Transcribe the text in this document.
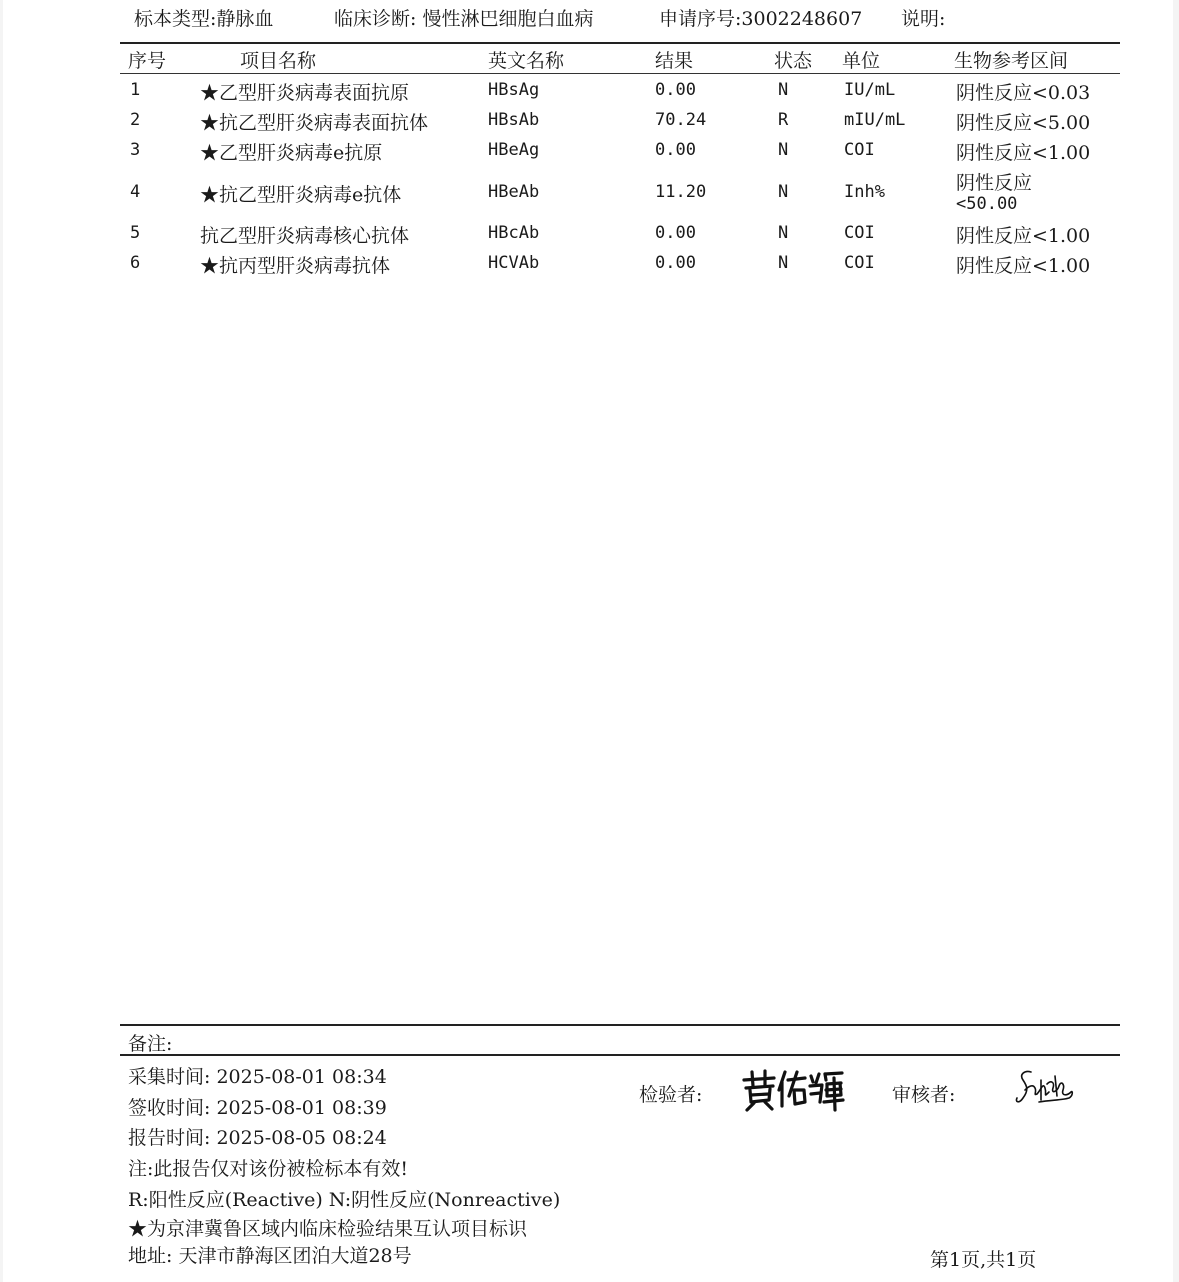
标本类型:静脉血	临床诊断: 慢性淋巴细胞白血病	申请序号:3002248607 说明:
序号	项目名称	英文名称	结果	状态 单位	生物参考区间
1	★乙型肝炎病毒表面抗原	HBsAg	0.00	N	IU/mL	阴性反应<0.03
2	★抗乙型肝炎病毒表面抗体	HBsAb	70.24	R	mIU/mL	阴性反应<5.00
3	★乙型肝炎病毒e抗原	HBeAg	0.00	N	COI	阴性反应<1.00
4	★抗乙型肝炎病毒e抗体	HBeAb	11.20	N	Inh%	阴性反应
<50.00
5	抗乙型肝炎病毒核心抗体	HBcAb	0.00	N	COI	阴性反应<1.00
6	★抗丙型肝炎病毒抗体	HCVAb	0.00	N	COI	阴性反应<1.00
备注:
采集时间: 2025-08-01 08:34
签收时间: 2025-08-01 08:39
报告时间: 2025-08-05 08:24
注:此报告仅对该份被检标本有效!
R:阳性反应(Reactive) N:阴性反应(Nonreactive)
★为京津冀鲁区域内临床检验结果互认项目标识
地址: 天津市静海区团泊大道28号
检验者:	审核者:
第1页,共1页
